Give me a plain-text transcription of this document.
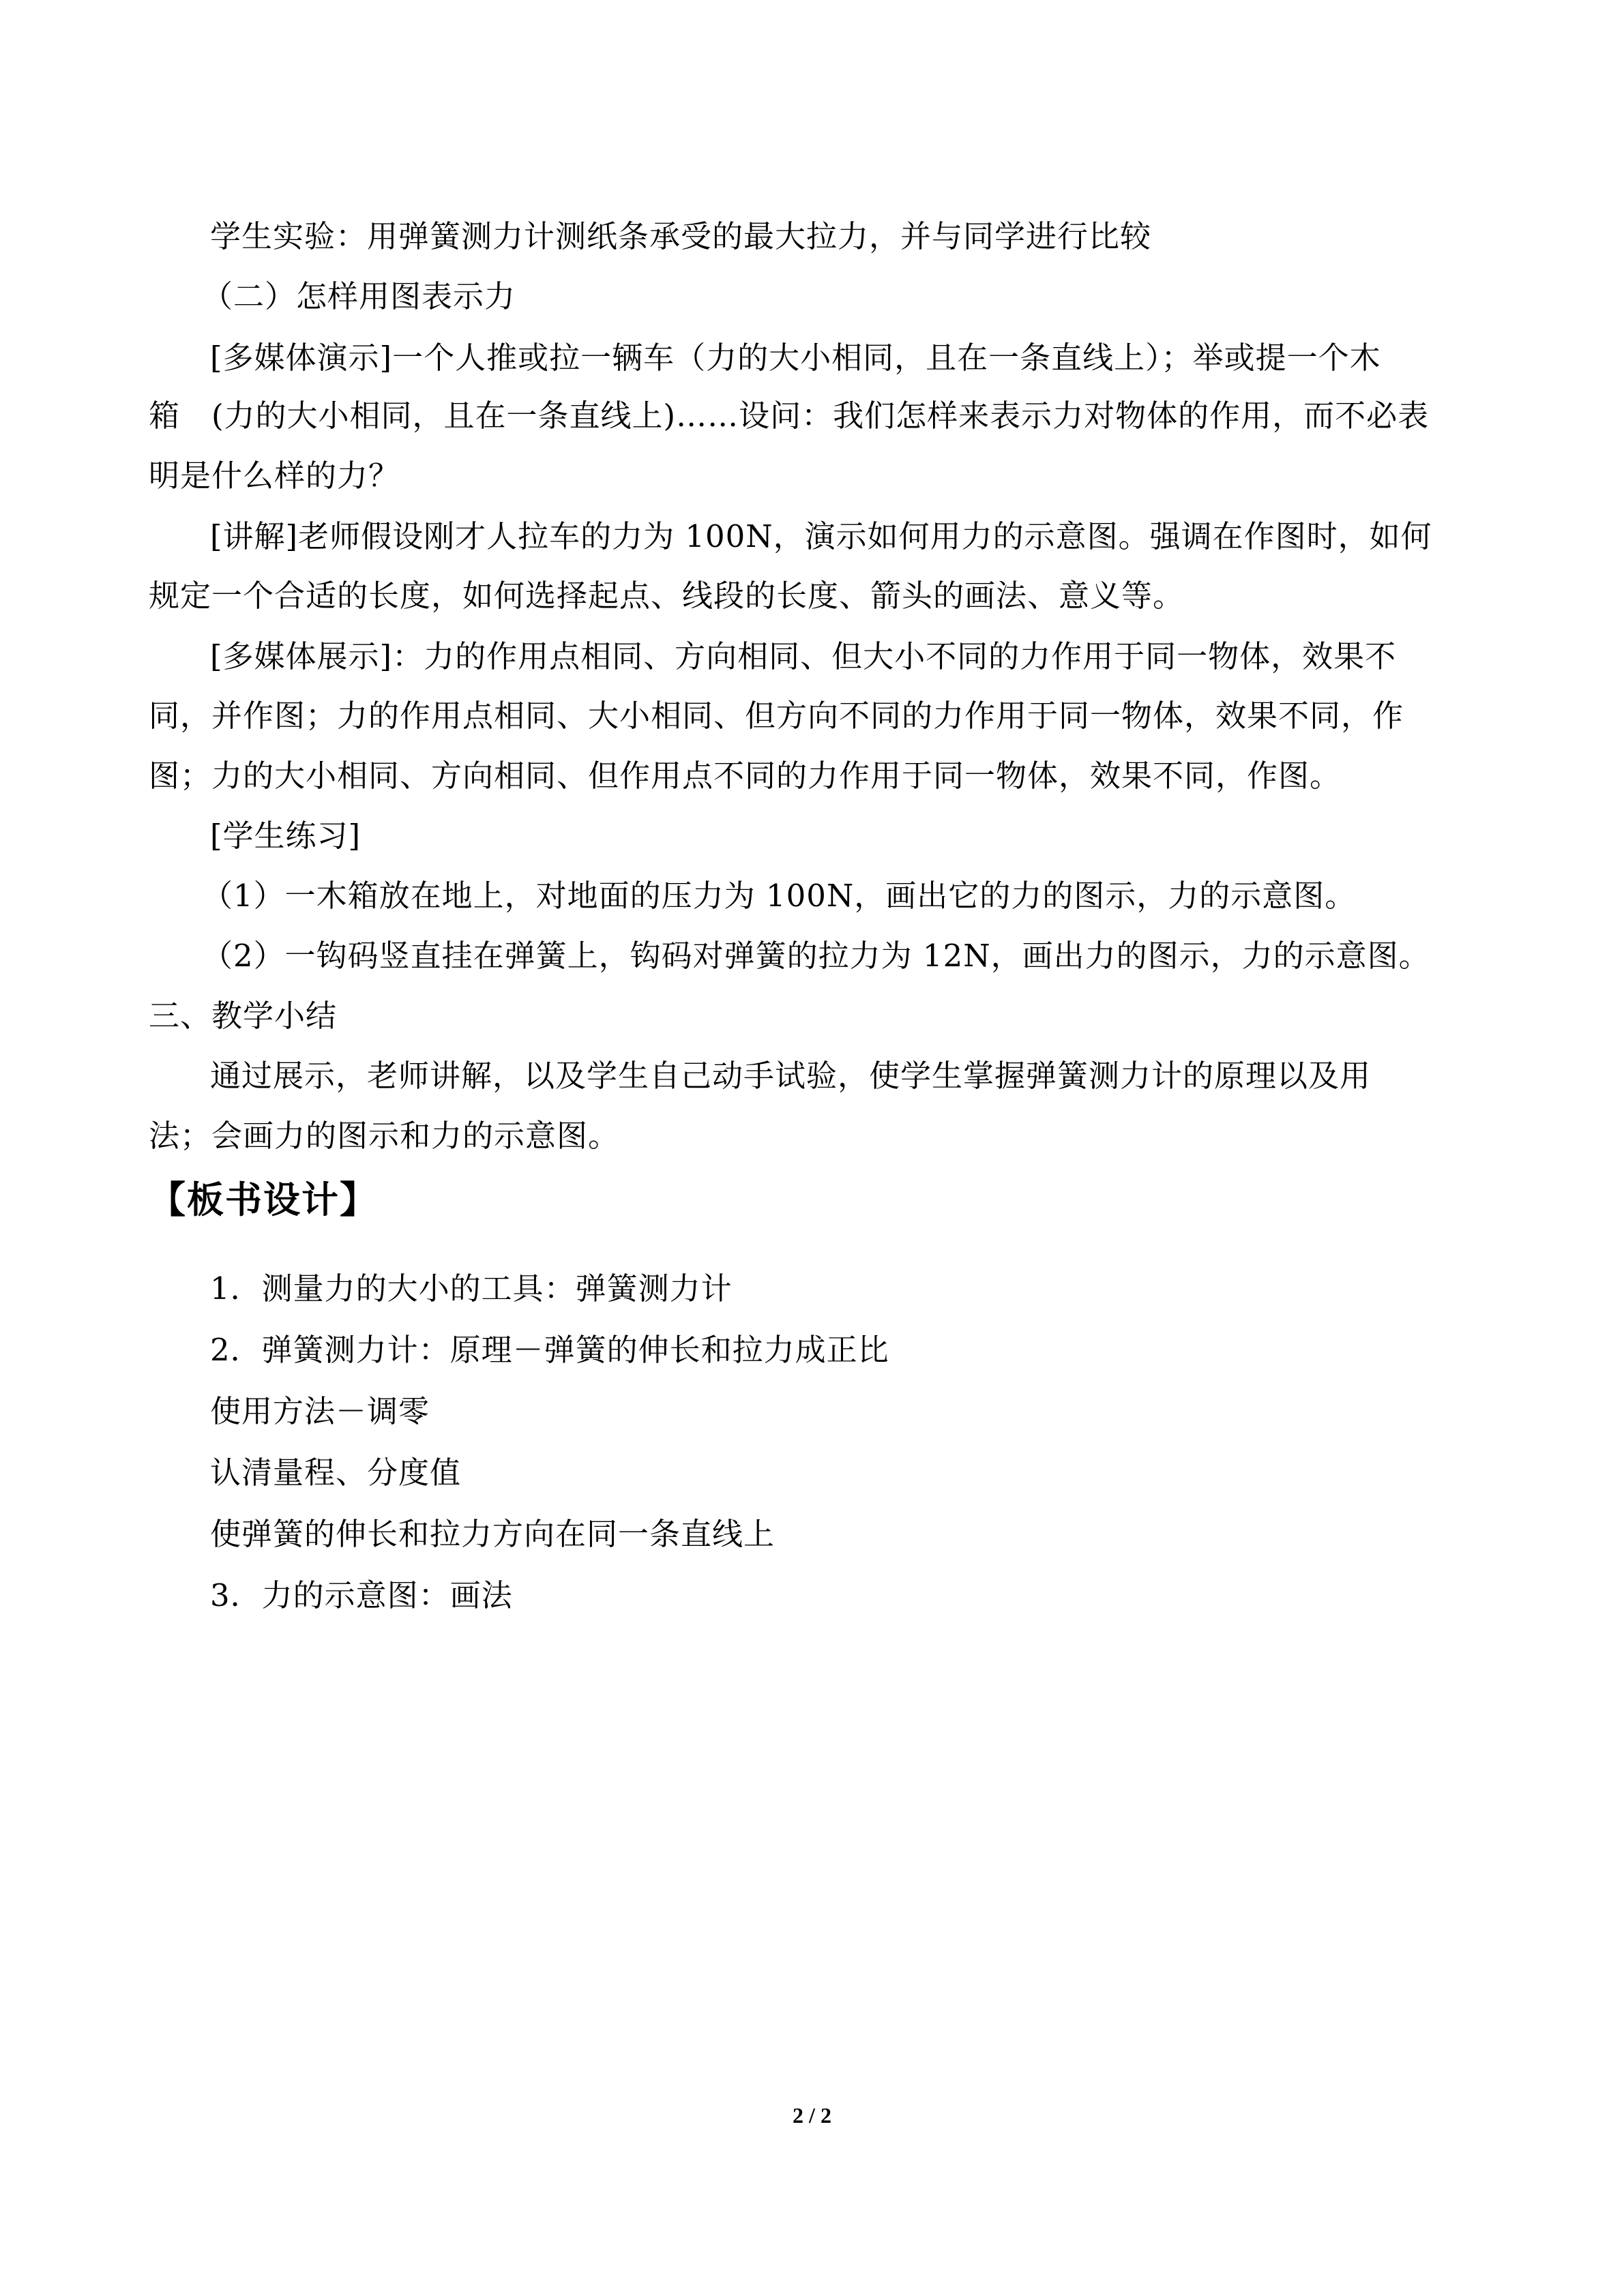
学生实验：用弹簧测力计测纸条承受的最大拉力，并与同学进行比较
（二）怎样用图表示力
[多媒体演示]一个人推或拉一辆车（力的大小相同，且在一条直线上）；举或提一个木
箱　(力的大小相同，且在一条直线上)……设问：我们怎样来表示力对物体的作用，而不必表
明是什么样的力？
[讲解]老师假设刚才人拉车的力为 100N，演示如何用力的示意图。强调在作图时，如何
规定一个合适的长度，如何选择起点、线段的长度、箭头的画法、意义等。
[多媒体展示]：力的作用点相同、方向相同、但大小不同的力作用于同一物体，效果不
同，并作图；力的作用点相同、大小相同、但方向不同的力作用于同一物体，效果不同，作
图；力的大小相同、方向相同、但作用点不同的力作用于同一物体，效果不同，作图。
[学生练习]
（1）一木箱放在地上，对地面的压力为 100N，画出它的力的图示，力的示意图。
（2）一钩码竖直挂在弹簧上，钩码对弹簧的拉力为 12N，画出力的图示，力的示意图。
三、教学小结
通过展示，老师讲解，以及学生自己动手试验，使学生掌握弹簧测力计的原理以及用
法；会画力的图示和力的示意图。
【板书设计】
1．测量力的大小的工具：弹簧测力计
2．弹簧测力计：原理－弹簧的伸长和拉力成正比
使用方法－调零
认清量程、分度值
使弹簧的伸长和拉力方向在同一条直线上
3．力的示意图：画法
2 / 2
